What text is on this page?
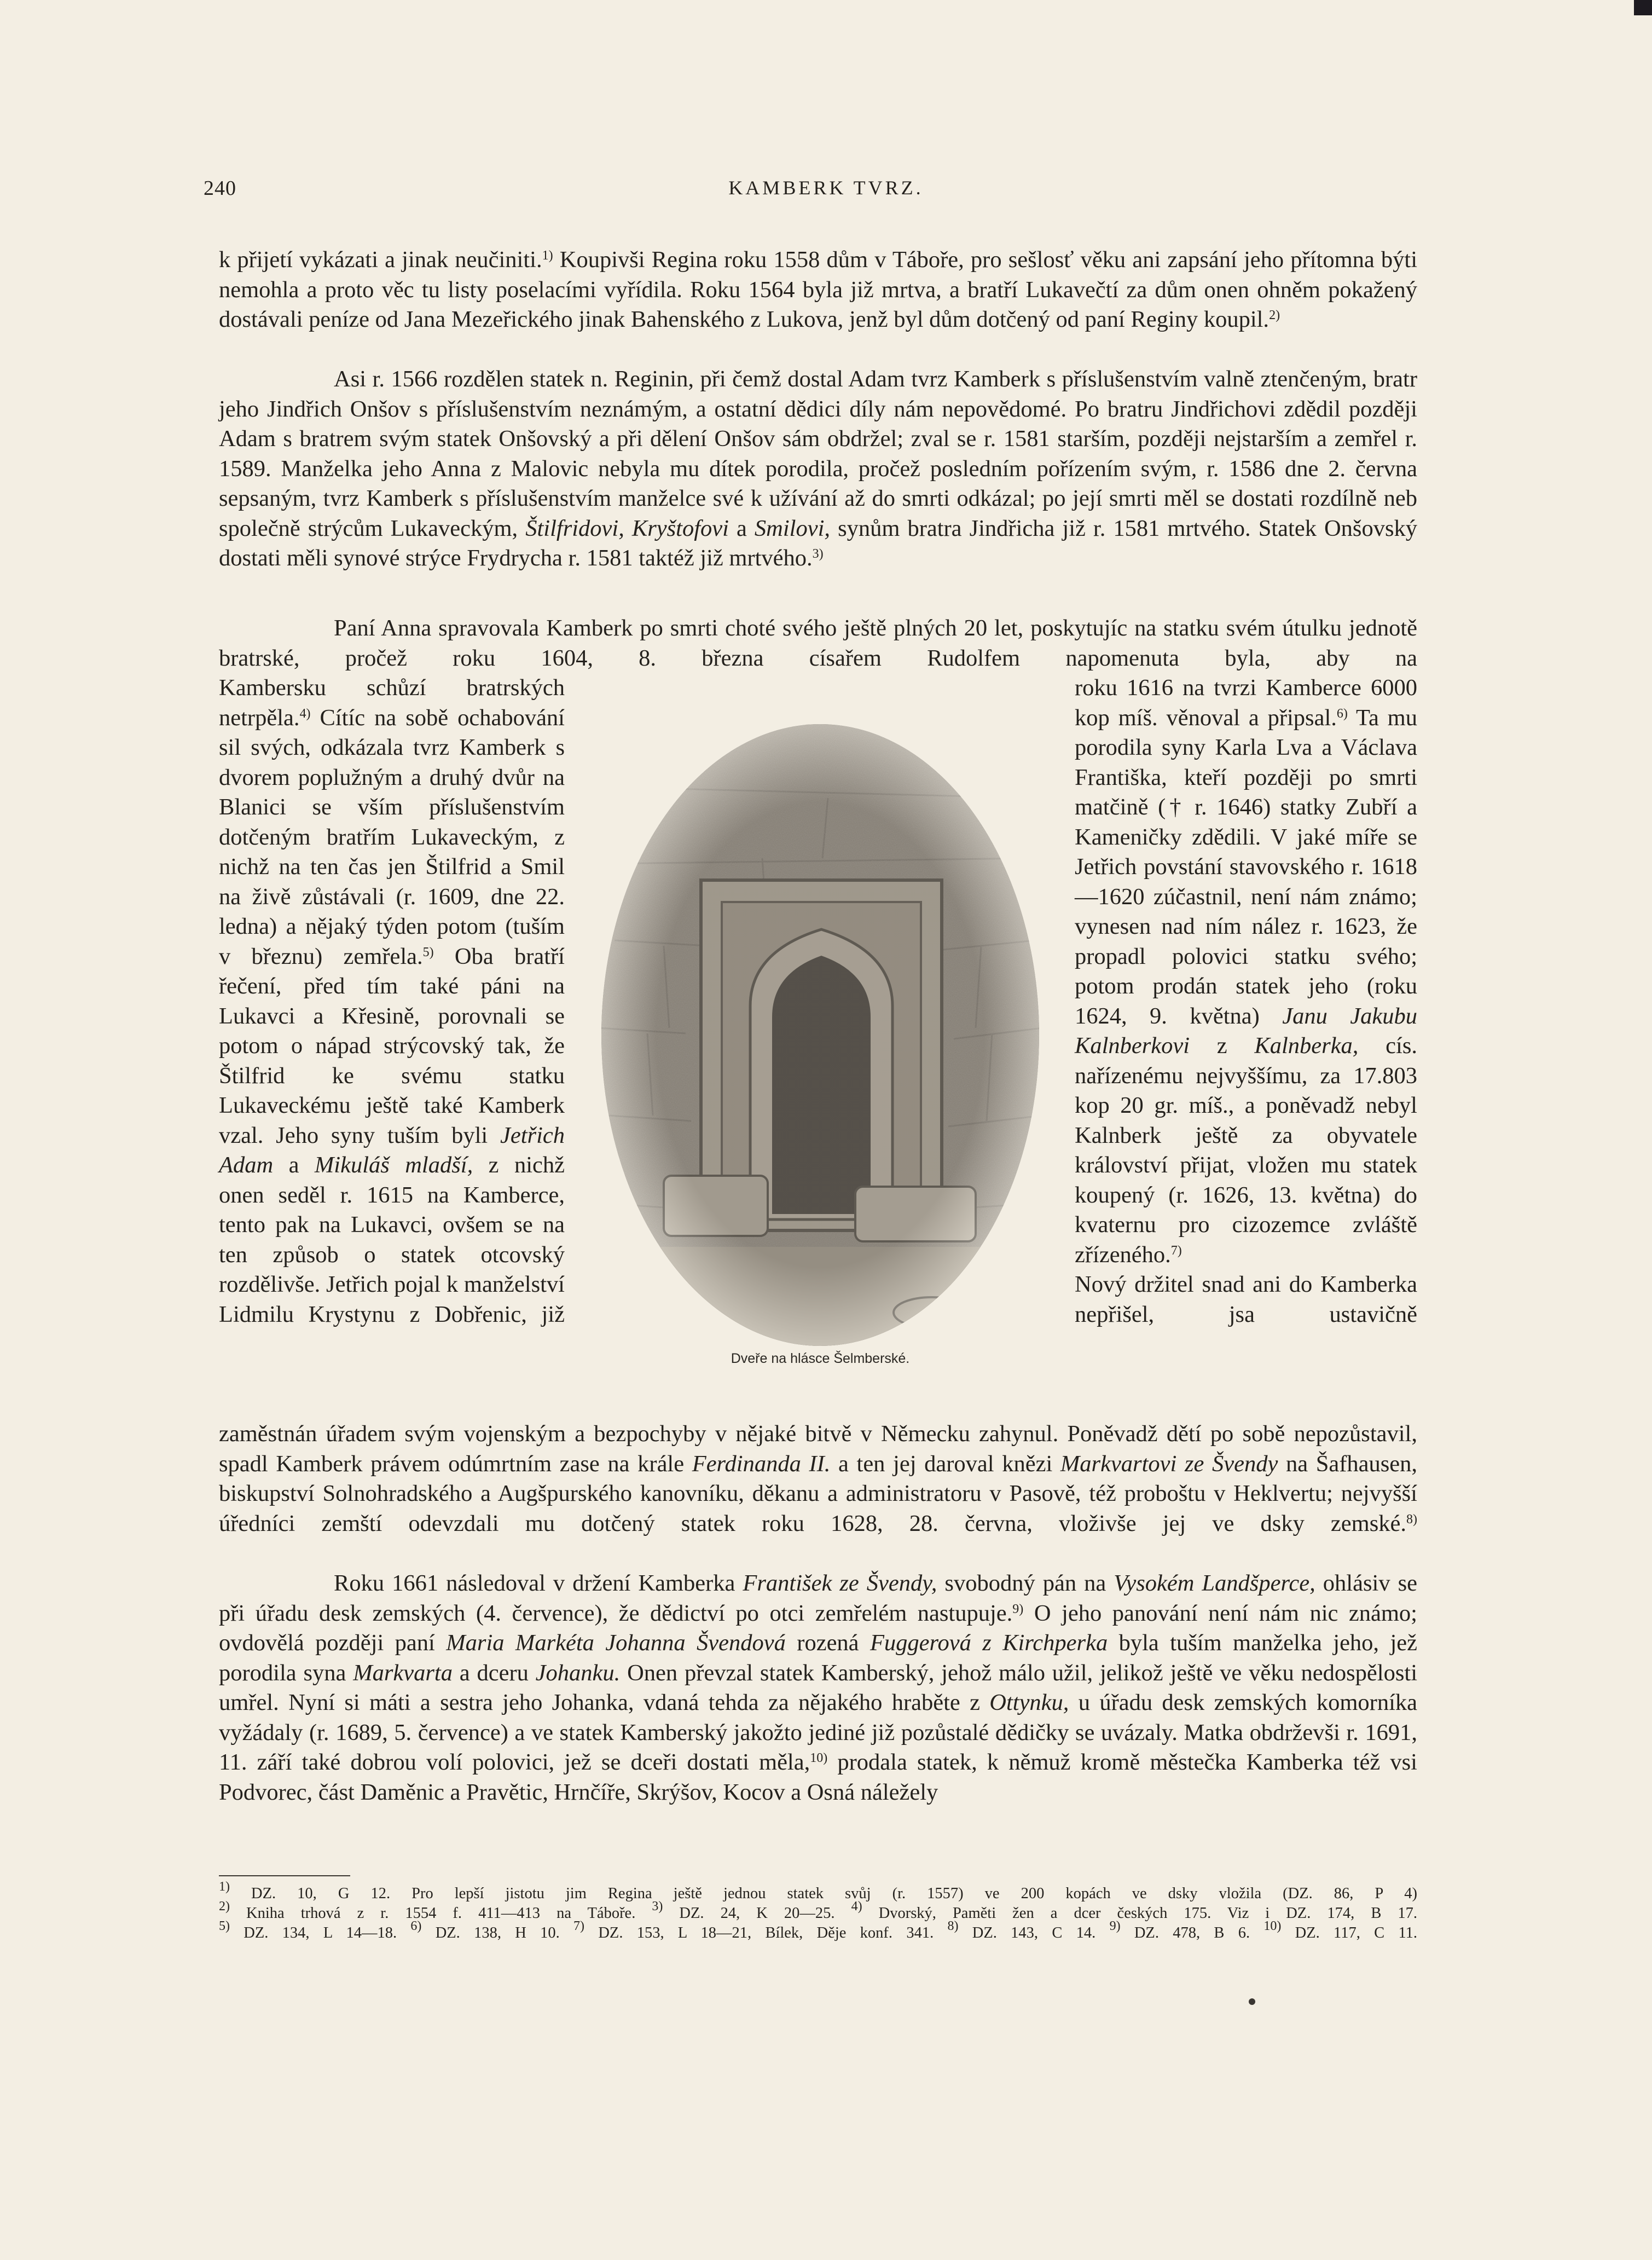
240	KAMBERK TVRZ.

k přijetí vykázati a jinak neučiniti.$^{1)}$ Koupivši Regina roku 1558 dům v Táboře, pro sešlosť věku ani zapsání jeho přítomna býti nemohla a proto věc tu listy poselacími vyřídila. Roku 1564 byla již mrtva, a bratří Lukavečtí za dům onen ohněm pokažený dostávali peníze od Jana Mezeřického jinak Bahenského z Lukova, jenž byl dům dotčený od paní Reginy koupil.$^{2)}$

Asi r. 1566 rozdělen statek n. Reginin, při čemž dostal Adam tvrz Kamberk s příslušenstvím valně ztenčeným, bratr jeho Jindřich Onšov s příslušenstvím neznámým, a ostatní dědici díly nám nepovědomé. Po bratru Jindřichovi zdědil později Adam s bratrem svým statek Onšovský a při dělení Onšov sám obdržel; zval se r. 1581 starším, později nejstarším a zemřel r. 1589. Manželka jeho Anna z Malovic nebyla mu dítek porodila, pročež posledním pořízením svým, r. 1586 dne 2. června sepsaným, tvrz Kamberk s příslušenstvím manželce své k užívání až do smrti odkázal; po její smrti měl se dostati rozdílně neb společně strýcům Lukaveckým, Štilfridovi, Kryštofovi a Smilovi, synům bratra Jindřicha již r. 1581 mrtvého. Statek Onšovský dostati měli synové strýce Frydrycha r. 1581 taktéž již mrtvého.$^{3)}$

Paní Anna spravovala Kamberk po smrti choté svého ještě plných 20 let, poskytujíc na statku svém útulku jednotě bratrské, pročež roku 1604, 8. března císařem Rudolfem napomenuta byla, aby na

Kambersku schůzí bratrských netrpěla.$^{4)}$ Cítíc na sobě ochabování sil svých, odkázala tvrz Kamberk s dvorem poplužným a druhý dvůr na Blanici se vším příslušenstvím dotčeným bratřím Lukaveckým, z nichž na ten čas jen Štilfrid a Smil na živě zůstávali (r. 1609, dne 22. ledna) a nějaký týden potom (tuším v březnu) zemřela.$^{5)}$ Oba bratří řečení, před tím také páni na Lukavci a Křesině, porovnali se potom o nápad strýcovský tak, že Štilfrid ke svému statku Lukaveckému ještě také Kamberk vzal. Jeho syny tuším byli Jetřich Adam a Mikuláš mladší, z nichž onen seděl r. 1615 na Kamberce, tento pak na Lukavci, ovšem se na ten způsob o statek otcovský rozdělivše. Jetřich pojal k manželství Lidmilu Krystynu z Dobřenic, již

roku 1616 na tvrzi Kamberce 6000 kop míš. věnoval a připsal.$^{6)}$ Ta mu porodila syny Karla Lva a Václava Františka, kteří později po smrti matčině († r. 1646) statky Zubří a Kameničky zdědili. V jaké míře se Jetřich povstání stavovského r. 1618—1620 zúčastnil, není nám známo; vynesen nad ním nález r. 1623, že propadl polovici statku svého; potom prodán statek jeho (roku 1624, 9. května) Janu Jakubu Kalnberkovi z Kalnberka, cís. nařízenému nejvyššímu, za 17.803 kop 20 gr. míš., a poněvadž nebyl Kalnberk ještě za obyvatele království přijat, vložen mu statek koupený (r. 1626, 13. května) do kvaternu pro cizozemce zvláště zřízeného.$^{7)}$
Nový držitel snad ani do Kamberka nepřišel, jsa ustavičně

Dveře na hlásce Šelmberské.

zaměstnán úřadem svým vojenským a bezpochyby v nějaké bitvě v Německu zahynul. Poněvadž dětí po sobě nepozůstavil, spadl Kamberk právem odúmrtním zase na krále Ferdinanda II. a ten jej daroval knězi Markvartovi ze Švendy na Šafhausen, biskupství Solnohradského a Augšpurského kanovníku, děkanu a administratoru v Pasově, též proboštu v Heklvertu; nejvyšší úředníci zemští odevzdali mu dotčený statek roku 1628, 28. června, vloživše jej ve dsky zemské.$^{8)}$

Roku 1661 následoval v držení Kamberka František ze Švendy, svobodný pán na Vysokém Landšperce, ohlásiv se při úřadu desk zemských (4. července), že dědictví po otci zemřelém nastupuje.$^{9)}$ O jeho panování není nám nic známo; ovdovělá později paní Maria Markéta Johanna Švendová rozená Fuggerová z Kirchperka byla tuším manželka jeho, jež porodila syna Markvarta a dceru Johanku. Onen převzal statek Kamberský, jehož málo užil, jelikož ještě ve věku nedospělosti umřel. Nyní si máti a sestra jeho Johanka, vdaná tehda za nějakého hraběte z Ottynku, u úřadu desk zemských komorníka vyžádaly (r. 1689, 5. července) a ve statek Kamberský jakožto jediné již pozůstalé dědičky se uvázaly. Matka obdrževši r. 1691, 11. září také dobrou volí polovici, jež se dceři dostati měla,$^{10)}$ prodala statek, k němuž kromě městečka Kamberka též vsi Podvorec, část Daměnic a Pravětic, Hrnčíře, Skrýšov, Kocov a Osná náležely

$^{1)}$ DZ. 10, G 12. Pro lepší jistotu jim Regina ještě jednou statek svůj (r. 1557) ve 200 kopách ve dsky vložila (DZ. 86, P 4)

$^{2)}$ Kniha trhová z r. 1554 f. 411—413 na Táboře. $^{3)}$ DZ. 24, K 20—25. $^{4)}$ Dvorský, Paměti žen a dcer českých 175. Viz i DZ. 174, B 17.

$^{5)}$ DZ. 134, L 14—18. $^{6)}$ DZ. 138, H 10. $^{7)}$ DZ. 153, L 18—21, Bílek, Děje konf. 341. $^{8)}$ DZ. 143, C 14. $^{9)}$ DZ. 478, B 6. $^{10)}$ DZ. 117, C 11.
